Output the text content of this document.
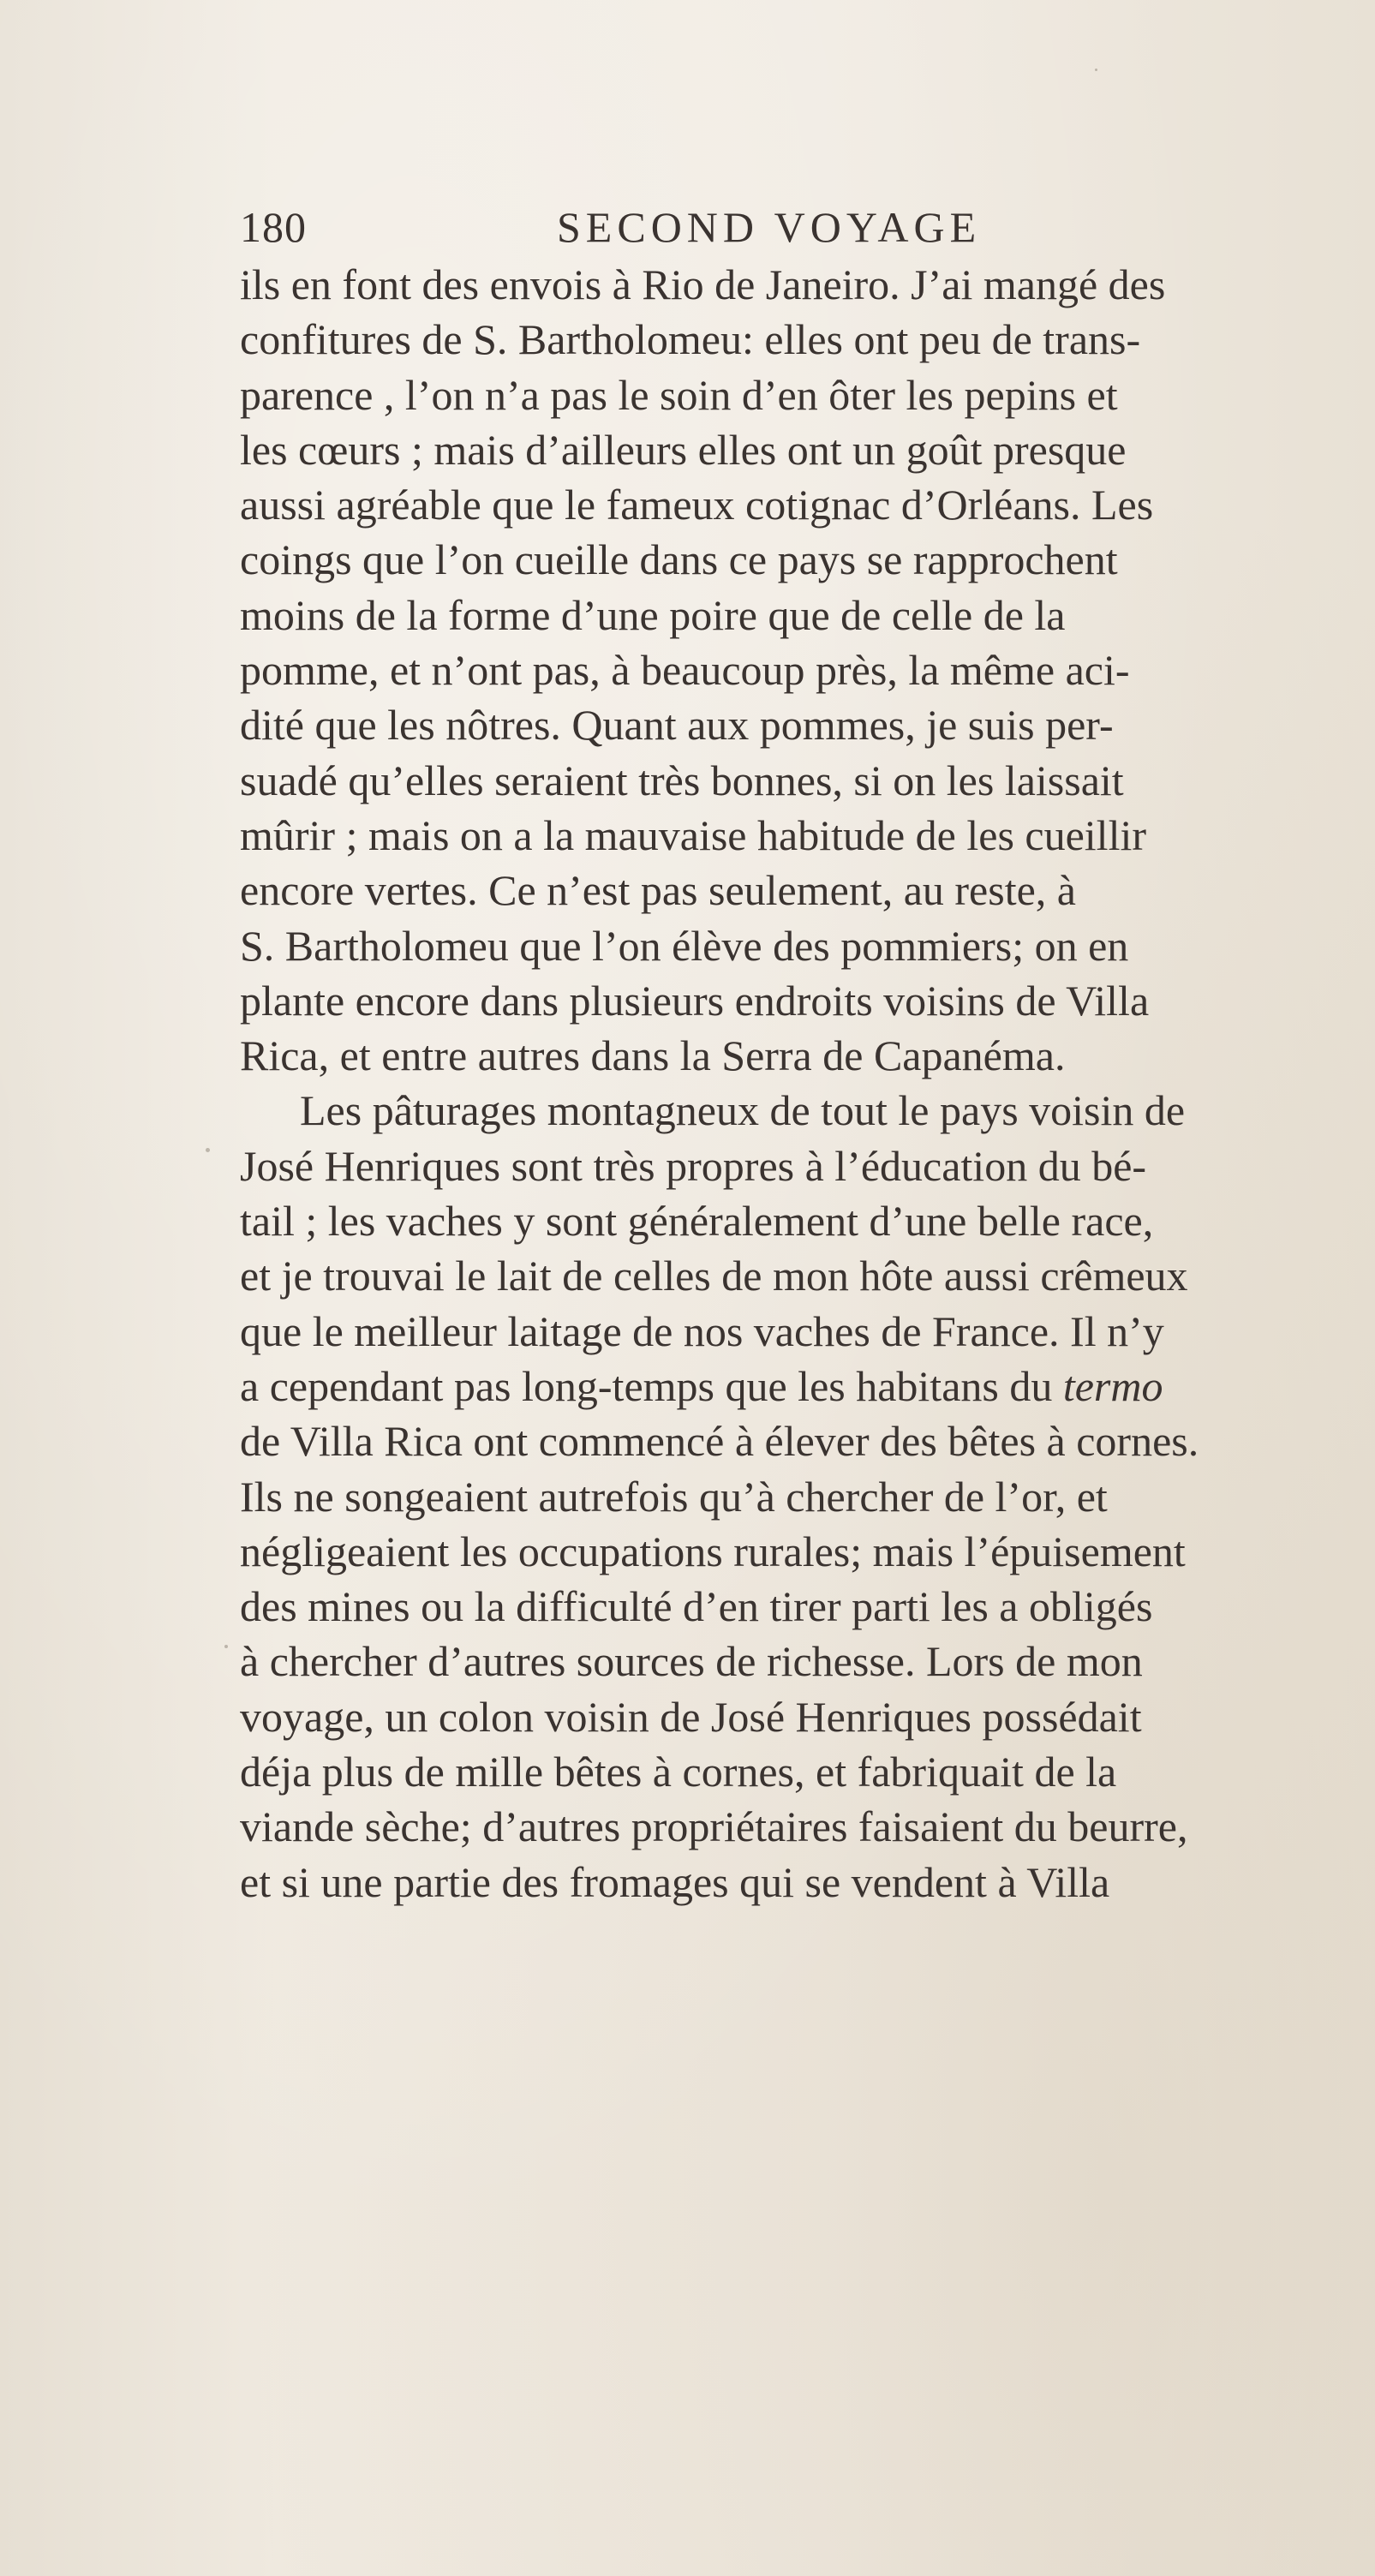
180	SECOND VOYAGE
ils en font des envois à Rio de Janeiro. J’ai mangé des
confitures de S. Bartholomeu: elles ont peu de trans-
parence , l’on n’a pas le soin d’en ôter les pepins et
les cœurs ; mais d’ailleurs elles ont un goût presque
aussi agréable que le fameux cotignac d’Orléans. Les
coings que l’on cueille dans ce pays se rapprochent
moins de la forme d’une poire que de celle de la
pomme, et n’ont pas, à beaucoup près, la même aci-
dité que les nôtres. Quant aux pommes, je suis per-
suadé qu’elles seraient très bonnes, si on les laissait
mûrir ; mais on a la mauvaise habitude de les cueillir
encore vertes. Ce n’est pas seulement, au reste, à
S. Bartholomeu que l’on élève des pommiers; on en
plante encore dans plusieurs endroits voisins de Villa
Rica, et entre autres dans la Serra de Capanéma.
Les pâturages montagneux de tout le pays voisin de
José Henriques sont très propres à l’éducation du bé-
tail ; les vaches y sont généralement d’une belle race,
et je trouvai le lait de celles de mon hôte aussi crêmeux
que le meilleur laitage de nos vaches de France. Il n’y
a cependant pas long-temps que les habitans du termo
de Villa Rica ont commencé à élever des bêtes à cornes.
Ils ne songeaient autrefois qu’à chercher de l’or, et
négligeaient les occupations rurales; mais l’épuisement
des mines ou la difficulté d’en tirer parti les a obligés
à chercher d’autres sources de richesse. Lors de mon
voyage, un colon voisin de José Henriques possédait
déja plus de mille bêtes à cornes, et fabriquait de la
viande sèche; d’autres propriétaires faisaient du beurre,
et si une partie des fromages qui se vendent à Villa
